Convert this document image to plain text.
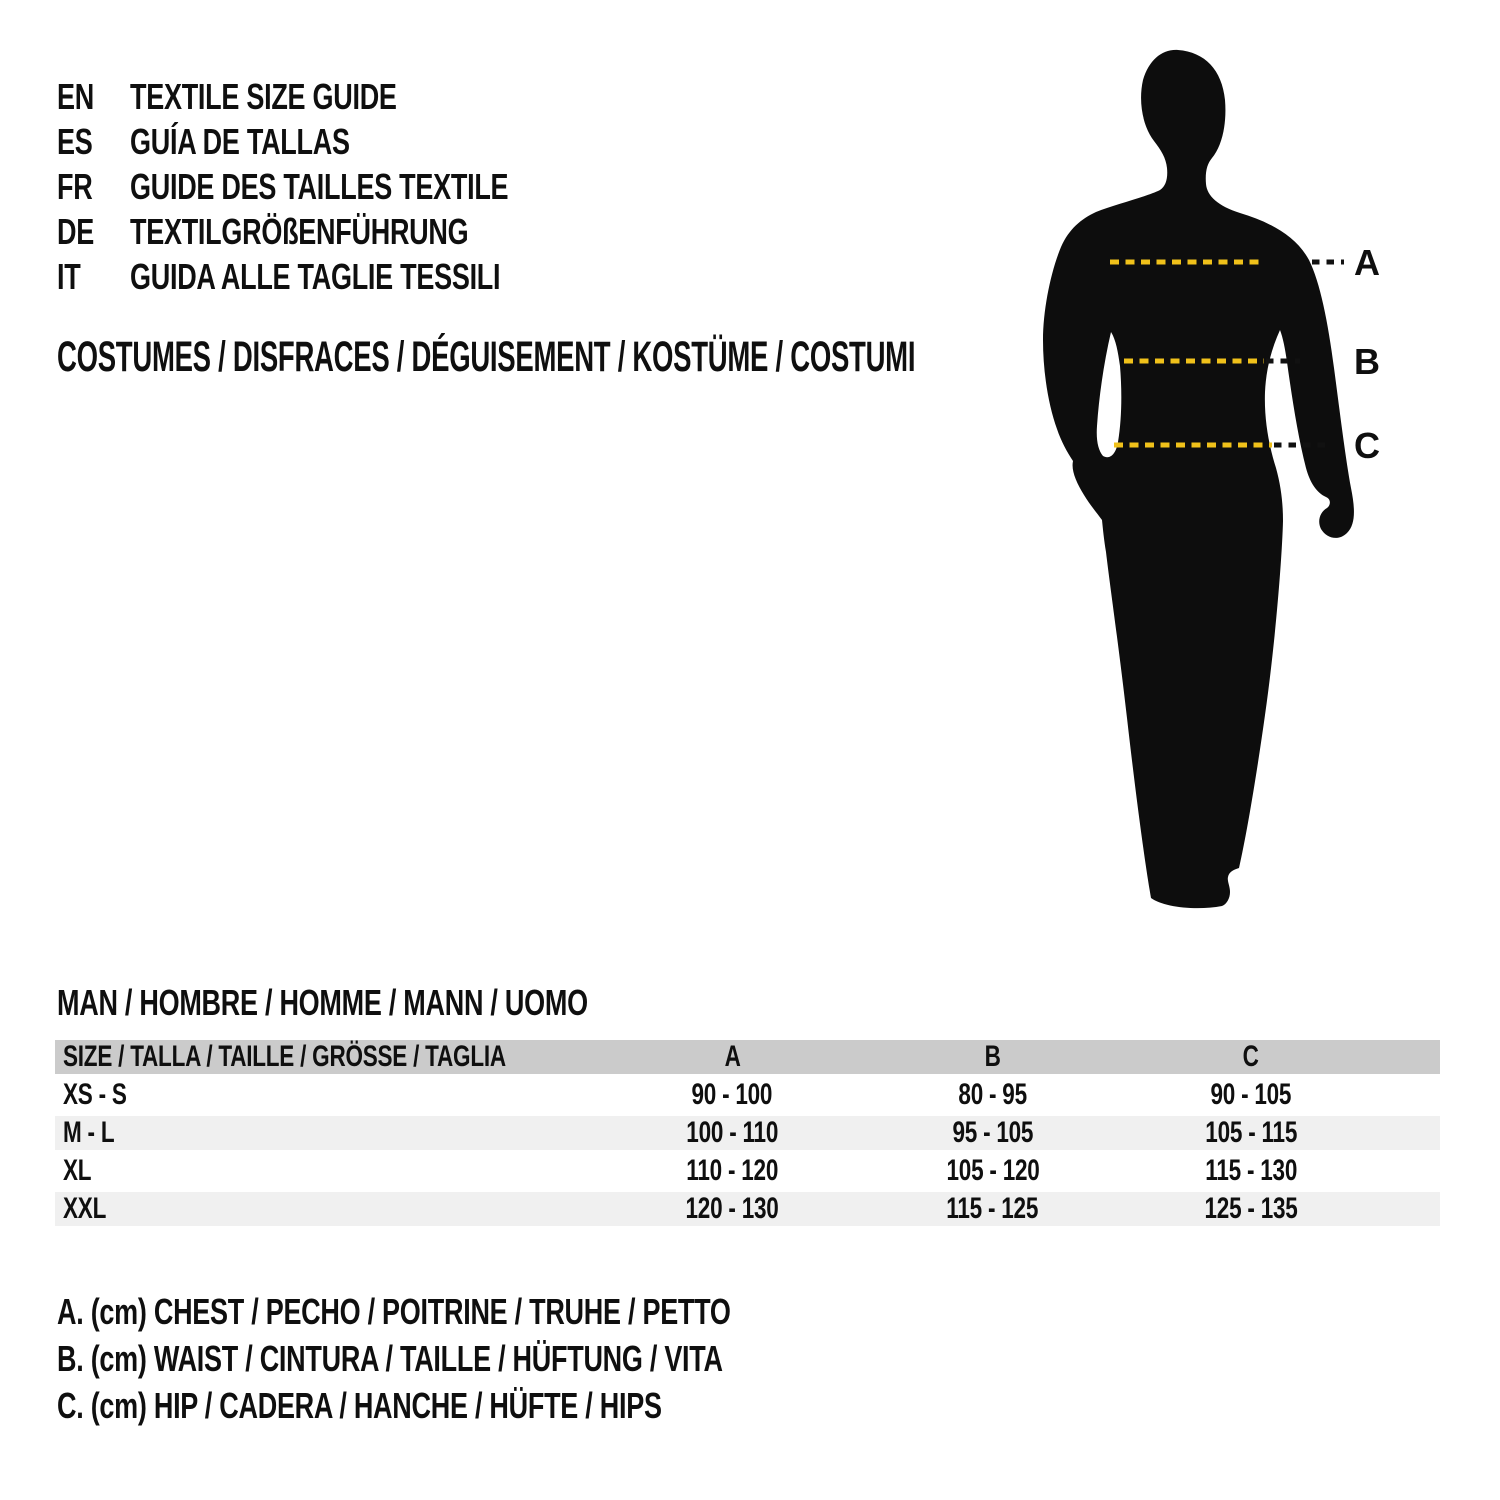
EN	TEXTILE SIZE GUIDE
ES	GUÍA DE TALLAS
FR	GUIDE DES TAILLES TEXTILE
DE	TEXTILGRÖßENFÜHRUNG
IT	GUIDA ALLE TAGLIE TESSILI
COSTUMES / DISFRACES / DÉGUISEMENT / KOSTÜME / COSTUMI
A
B
C
MAN / HOMBRE / HOMME / MANN / UOMO
SIZE / TALLA / TAILLE / GRÖSSE / TAGLIA	A	B	C	
XS - S	90 - 100	80 - 95	90 - 105	
M - L	100 - 110	95 - 105	105 - 115	
XL	110 - 120	105 - 120	115 - 130	
XXL	120 - 130	115 - 125	125 - 135	
A. (cm) CHEST / PECHO / POITRINE / TRUHE / PETTO
B. (cm) WAIST / CINTURA / TAILLE / HÜFTUNG / VITA
C. (cm) HIP / CADERA / HANCHE / HÜFTE / HIPS
